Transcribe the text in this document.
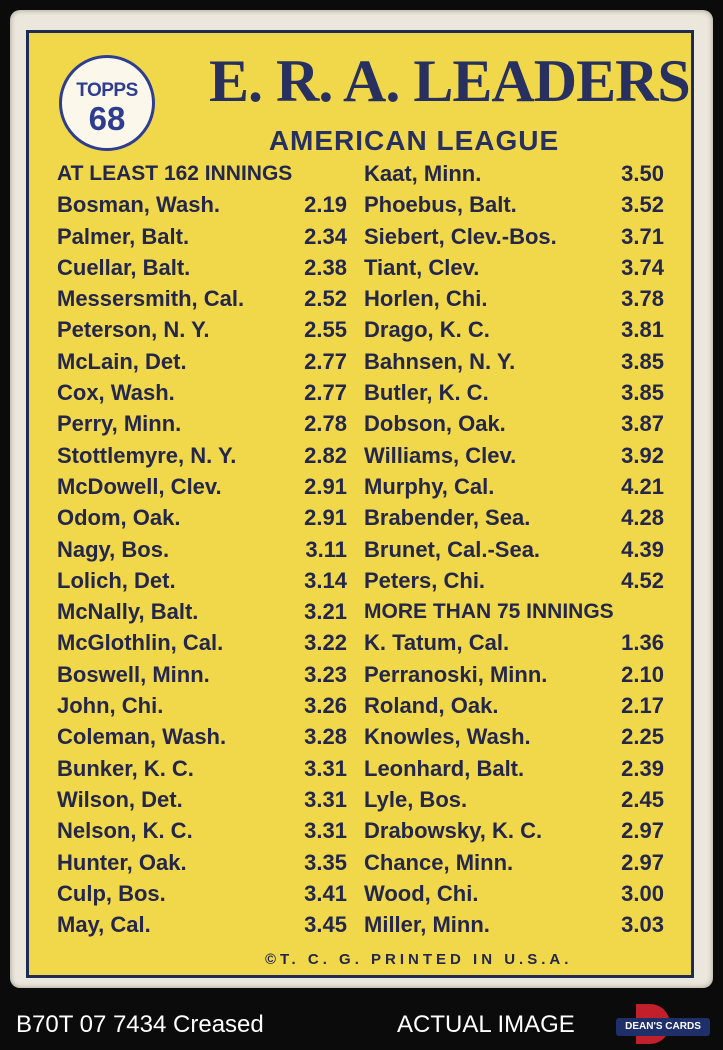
TOPPS
68
E. R. A. LEADERS
AMERICAN LEAGUE
AT LEAST 162 INNINGS
Bosman, Wash.	2.19
Palmer, Balt.	2.34
Cuellar, Balt.	2.38
Messersmith, Cal.	2.52
Peterson, N. Y.	2.55
McLain, Det.	2.77
Cox, Wash.	2.77
Perry, Minn.	2.78
Stottlemyre, N. Y.	2.82
McDowell, Clev.	2.91
Odom, Oak.	2.91
Nagy, Bos.	3.11
Lolich, Det.	3.14
McNally, Balt.	3.21
McGlothlin, Cal.	3.22
Boswell, Minn.	3.23
John, Chi.	3.26
Coleman, Wash.	3.28
Bunker, K. C.	3.31
Wilson, Det.	3.31
Nelson, K. C.	3.31
Hunter, Oak.	3.35
Culp, Bos.	3.41
May, Cal.	3.45
Kaat, Minn.	3.50
Phoebus, Balt.	3.52
Siebert, Clev.-Bos.	3.71
Tiant, Clev.	3.74
Horlen, Chi.	3.78
Drago, K. C.	3.81
Bahnsen, N. Y.	3.85
Butler, K. C.	3.85
Dobson, Oak.	3.87
Williams, Clev.	3.92
Murphy, Cal.	4.21
Brabender, Sea.	4.28
Brunet, Cal.-Sea.	4.39
Peters, Chi.	4.52
MORE THAN 75 INNINGS
K. Tatum, Cal.	1.36
Perranoski, Minn.	2.10
Roland, Oak.	2.17
Knowles, Wash.	2.25
Leonhard, Balt.	2.39
Lyle, Bos.	2.45
Drabowsky, K. C.	2.97
Chance, Minn.	2.97
Wood, Chi.	3.00
Miller, Minn.	3.03
©T. C. G. PRINTED IN U.S.A.
B70T 07 7434 Creased	ACTUAL IMAGE	DEAN'S CARDS
